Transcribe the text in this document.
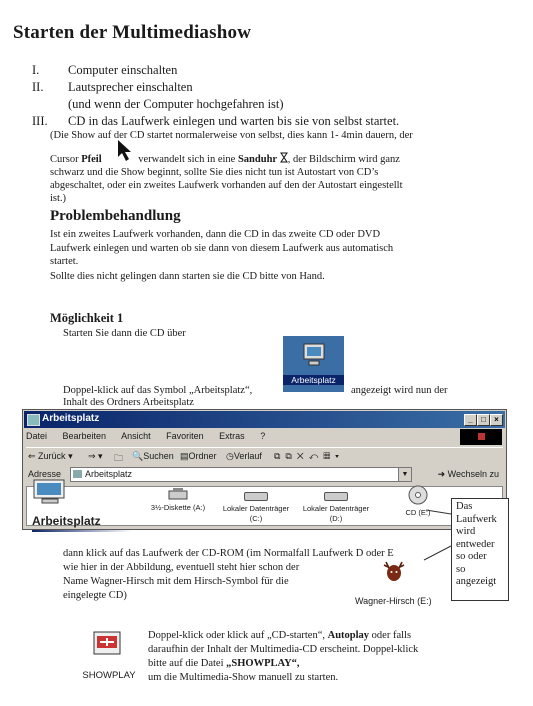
Starten der Multimediashow
I. Computer einschalten
II. Lautsprecher einschalten
(und wenn der Computer hochgefahren ist)
III. CD in das Laufwerk einlegen und warten bis sie von selbst startet.
(Die Show auf der CD startet normalerweise von selbst, dies kann 1- 4min dauern, der
Cursor Pfeil	verwandelt sich in eine Sanduhr , der Bildschirm wird ganz
schwarz und die Show beginnt, sollte Sie dies nicht tun ist Autostart von CD’s
abgeschaltet, oder ein zweites Laufwerk vorhanden auf den der Autostart eingestellt
ist.)
Problembehandlung
Ist ein zweites Laufwerk vorhanden, dann die CD in das zweite CD oder DVD
Laufwerk einlegen und warten ob sie dann von diesem Laufwerk aus automatisch
startet.
Sollte dies nicht gelingen dann starten sie die CD bitte von Hand.
Möglichkeit 1
Starten Sie dann die CD über
Arbeitsplatz
Doppel-klick auf das Symbol „Arbeitsplatz“,	angezeigt wird nun der
Inhalt des Ordners Arbeitsplatz
Arbeitsplatz	_	□	×
Datei Bearbeiten Ansicht Favoriten Extras ?
⇐ Zurück ▾ ⇒ ▾ 🗀 🔍Suchen ▤Ordner ◷Verlauf ⧉⧉✕↶▦▾
Adresse	Arbeitsplatz	▼	➜ Wechseln zu
Arbeitsplatz
3½-Diskette (A:)	Lokaler Datenträger (C:)
Lokaler Datenträger (D:)
CD (E:)
Das
Laufwerk
wird
entweder
so oder
so
angezeigt
dann klick auf das Laufwerk der CD-ROM (im Normalfall Laufwerk D oder E
wie hier in der Abbildung, eventuell steht hier schon der
Name Wagner-Hirsch mit dem Hirsch-Symbol für die
eingelegte CD)	Wagner-Hirsch (E:)
SHOWPLAY
Doppel-klick oder klick auf „CD-starten“, Autoplay oder falls
daraufhin der Inhalt der Multimedia-CD erscheint. Doppel-klick
bitte auf die Datei „SHOWPLAY“,
um die Multimedia-Show manuell zu starten.
